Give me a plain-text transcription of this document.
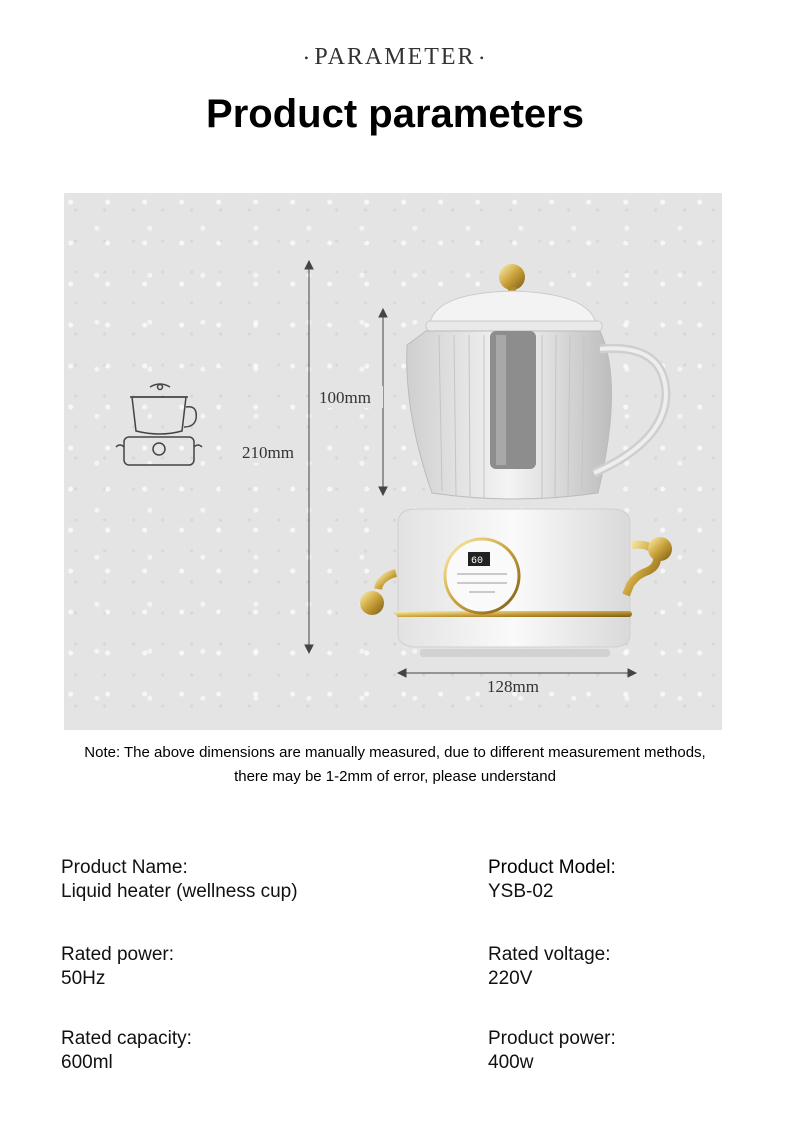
• PARAMETER •
Product parameters
210mm
100mm
128mm
60
Note: The above dimensions are manually measured, due to different measurement methods,
there may be 1-2mm of error, please understand
Product Name:
Liquid heater (wellness cup)
Product Model:
YSB-02
Rated power:
50Hz
Rated voltage:
220V
Rated capacity:
600ml
Product power:
400w
